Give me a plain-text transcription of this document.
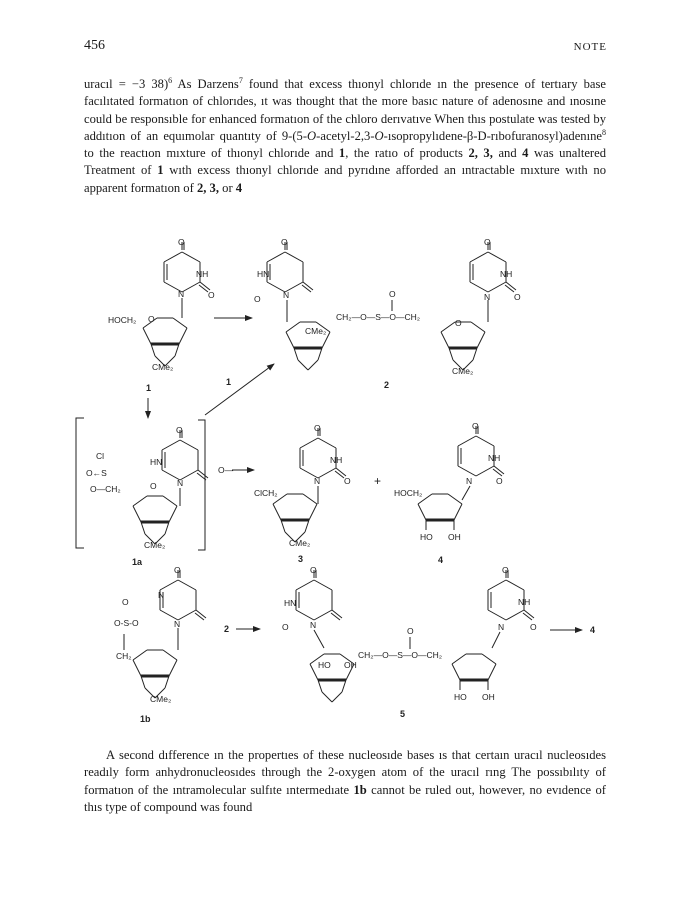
456	NOTE
uracıl = −3 38)$^6$ As Darzens$^7$ found that excess thıonyl chlorıde ın the presence of tertıary base facılıtated formatıon of chlorıdes, ıt was thought that the more basıc nature of adenosıne and ınosıne could be responsıble for enhanced formatıon of the chloro derıvatıve When thıs postulate was tested by addıtıon of an equımolar quantıty of 9-(5-O-acetyl-2,3-O-ısopropylıdene-β-D-rıbofuranosyl)adenıne$^8$ to the reactıon mıxture of thıonyl chlorıde and 1, the ratıo of products 2, 3, and 4 was unaltered Treatment of 1 wıth excess thıonyl chlorıde and pyrıdıne afforded an ıntractable mıxture wıth no apparent formatıon of 2, 3, or 4
O
NH
N	O
HOCH₂ O
CMe₂
1
O
HN
O	N
CMe₂
CH₂—O—S—O—CH₂
O
O
NH
N	O
O
CMe₂
2
1
O
HN
O N
Cl
O←S
O—CH₂
CMe₂
1a
O—
O
NH
N	O
ClCH₂
CMe₂
3
+
O
NH
N	O
HOCH₂
HO OH
4
O
N
N
O
O-S-O
CH₂
CMe₂
1b
2
O
HN
O	N
HO OH
CH₂—O—S—O—CH₂
O
O
NH
N	O
HO OH
5
4
A second dıfference ın the propertıes of these nucleosıde bases ıs that certaın uracıl nucleosıdes readıly form anhydronucleosıdes through the 2-oxygen atom of the uracıl rıng The possıbılıty of formatıon of the ıntramolecular sulfıte ıntermedıate 1b cannot be ruled out, however, no evıdence of thıs type of compound was found
